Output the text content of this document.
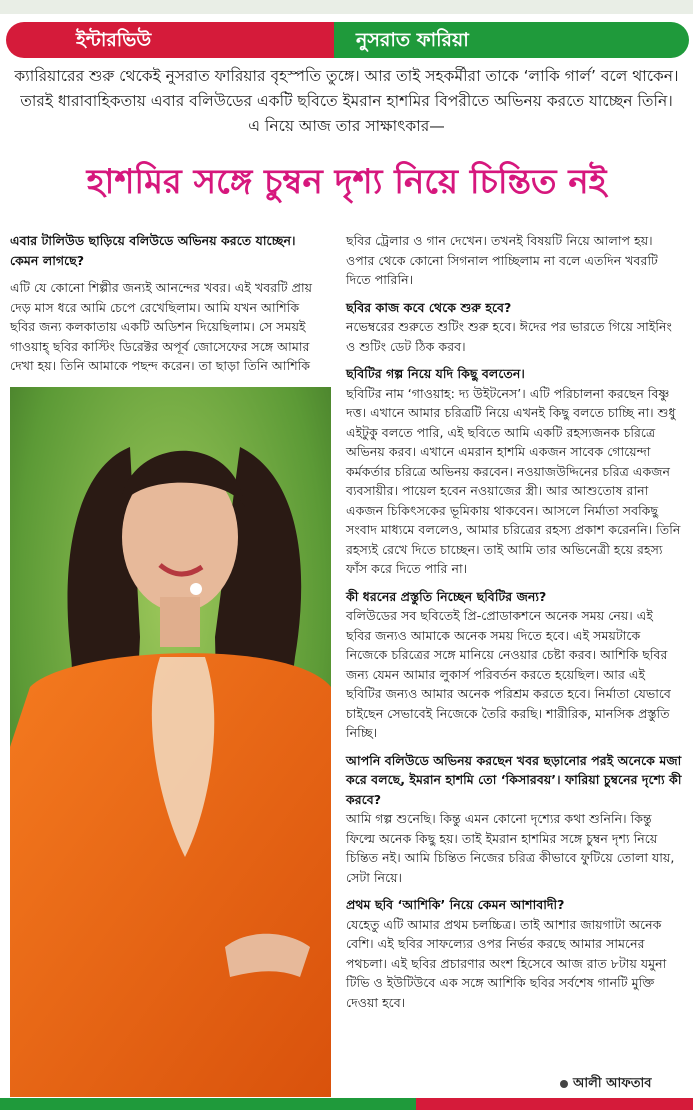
ইন্টারভিউ	নুসরাত ফারিয়া
ক্যারিয়ারের শুরু থেকেই নুসরাত ফারিয়ার বৃহস্পতি তুঙ্গে। আর তাই সহকর্মীরা তাকে ‘লাকি গার্ল’ বলে থাকেন। তারই ধারাবাহিকতায় এবার বলিউডের একটি ছবিতে ইমরান হাশমির বিপরীতে অভিনয় করতে যাচ্ছেন তিনি। এ নিয়ে আজ তার সাক্ষাৎকার—
হাশমির সঙ্গে চুম্বন দৃশ্য নিয়ে চিন্তিত নই

এবার টালিউড ছাড়িয়ে বলিউডে অভিনয় করতে যাচ্ছেন। কেমন লাগছে?

এটি যে কোনো শিল্পীর জন্যই আনন্দের খবর। এই খবরটি প্রায় দেড় মাস ধরে আমি চেপে রেখেছিলাম। আমি যখন আশিকি ছবির জন্য কলকাতায় একটি অডিশন দিয়েছিলাম। সে সময়ই গাওয়াহ্ ছবির কাস্টিং ডিরেক্টর অপূর্ব জোসেফের সঙ্গে আমার দেখা হয়। তিনি আমাকে পছন্দ করেন। তা ছাড়া তিনি আশিকি

ছবির ট্রেলার ও গান দেখেন। তখনই বিষয়টি নিয়ে আলাপ হয়। ওপার থেকে কোনো সিগনাল পাচ্ছিলাম না বলে এতদিন খবরটি দিতে পারিনি।

ছবির কাজ কবে থেকে শুরু হবে?

নভেম্বরের শুরুতে শুটিং শুরু হবে। ঈদের পর ভারতে গিয়ে সাইনিং ও শুটিং ডেট ঠিক করব।

ছবিটির গল্প নিয়ে যদি কিছু বলতেন।

ছবিটির নাম ‘গাওয়াহ: দ্য উইটনেস’। এটি পরিচালনা করছেন বিষ্ণু দত্ত। এখানে আমার চরিত্রটি নিয়ে এখনই কিছু বলতে চাচ্ছি না। শুধু এইটুকু বলতে পারি, এই ছবিতে আমি একটি রহস্যজনক চরিত্রে অভিনয় করব। এখানে এমরান হাশমি একজন সাবেক গোয়েন্দা কর্মকর্তার চরিত্রে অভিনয় করবেন। নওয়াজউদ্দিনের চরিত্র একজন ব্যবসায়ীর। পায়েল হবেন নওয়াজের স্ত্রী। আর আশুতোষ রানা একজন চিকিৎসকের ভূমিকায় থাকবেন। আসলে নির্মাতা সবকিছু সংবাদ মাধ্যমে বললেও, আমার চরিত্রের রহস্য প্রকাশ করেননি। তিনি রহস্যই রেখে দিতে চাচ্ছেন। তাই আমি তার অভিনেত্রী হয়ে রহস্য ফাঁস করে দিতে পারি না।

কী ধরনের প্রস্তুতি নিচ্ছেন ছবিটির জন্য?

বলিউডের সব ছবিতেই প্রি-প্রোডাকশনে অনেক সময় নেয়। এই ছবির জন্যও আমাকে অনেক সময় দিতে হবে। এই সময়টাকে নিজেকে চরিত্রের সঙ্গে মানিয়ে নেওয়ার চেষ্টা করব। আশিকি ছবির জন্য যেমন আমার লুকার্স পরিবর্তন করতে হয়েছিল। আর এই ছবিটির জন্যও আমার অনেক পরিশ্রম করতে হবে। নির্মাতা যেভাবে চাইছেন সেভাবেই নিজেকে তৈরি করছি। শারীরিক, মানসিক প্রস্তুতি নিচ্ছি।

আপনি বলিউডে অভিনয় করছেন খবর ছড়ানোর পরই অনেকে মজা করে বলছে, ইমরান হাশমি তো ‘কিসারবয়’। ফারিয়া চুম্বনের দৃশ্যে কী করবে?

আমি গল্প শুনেছি। কিন্তু এমন কোনো দৃশ্যের কথা শুনিনি। কিন্তু ফিল্মে অনেক কিছু হয়। তাই ইমরান হাশমির সঙ্গে চুম্বন দৃশ্য নিয়ে চিন্তিত নই। আমি চিন্তিত নিজের চরিত্র কীভাবে ফুটিয়ে তোলা যায়, সেটা নিয়ে।

প্রথম ছবি ‘আশিকি’ নিয়ে কেমন আশাবাদী?

যেহেতু এটি আমার প্রথম চলচ্চিত্র। তাই আশার জায়গাটা অনেক বেশি। এই ছবির সাফল্যের ওপর নির্ভর করছে আমার সামনের পথচলা। এই ছবির প্রচারণার অংশ হিসেবে আজ রাত ৮টায় যমুনা টিভি ও ইউটিউবে এক সঙ্গে আশিকি ছবির সর্বশেষ গানটি মুক্তি দেওয়া হবে।

আলী আফতাব
